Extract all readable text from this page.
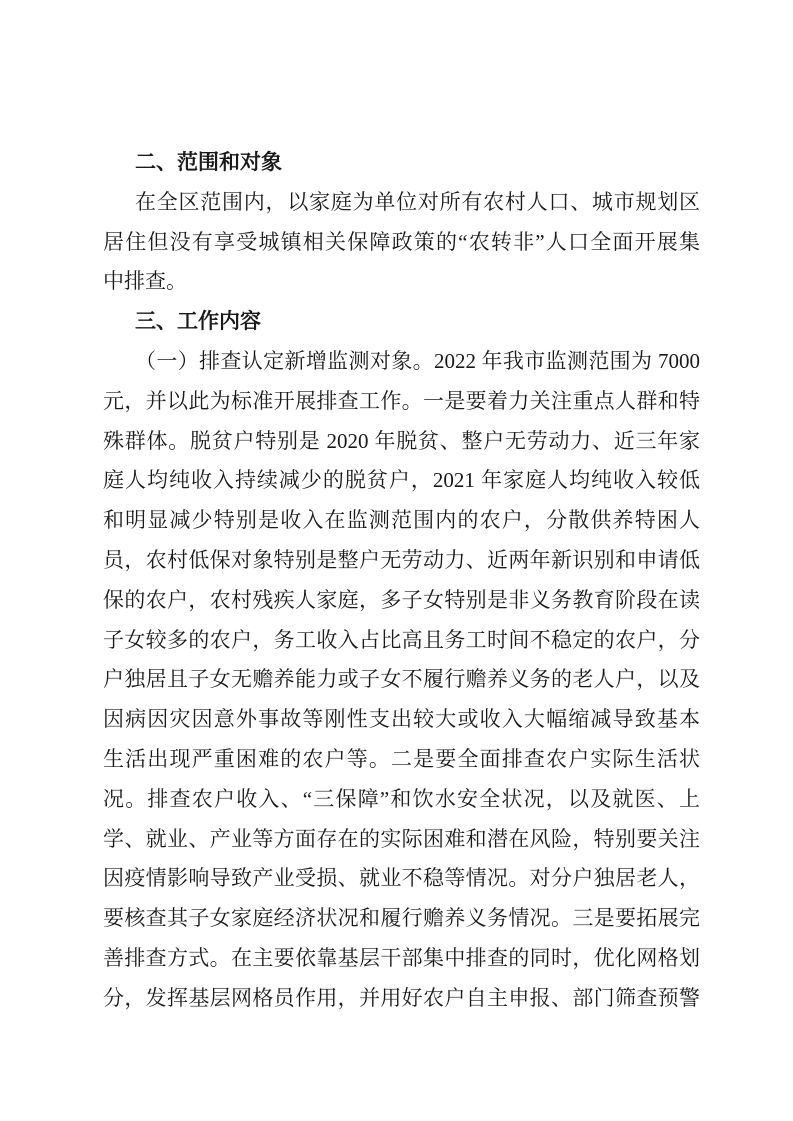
二、范围和对象
在全区范围内，以家庭为单位对所有农村人口、城市规划区
居住但没有享受城镇相关保障政策的“农转非”人口全面开展集
中排查。
三、工作内容
（一）排查认定新增监测对象。2022 年我市监测范围为 7000
元，并以此为标准开展排查工作。一是要着力关注重点人群和特
殊群体。脱贫户特别是 2020 年脱贫、整户无劳动力、近三年家
庭人均纯收入持续减少的脱贫户，2021 年家庭人均纯收入较低
和明显减少特别是收入在监测范围内的农户，分散供养特困人
员，农村低保对象特别是整户无劳动力、近两年新识别和申请低
保的农户，农村残疾人家庭，多子女特别是非义务教育阶段在读
子女较多的农户，务工收入占比高且务工时间不稳定的农户，分
户独居且子女无赡养能力或子女不履行赡养义务的老人户，以及
因病因灾因意外事故等刚性支出较大或收入大幅缩减导致基本
生活出现严重困难的农户等。二是要全面排查农户实际生活状
况。排查农户收入、“三保障”和饮水安全状况，以及就医、上
学、就业、产业等方面存在的实际困难和潜在风险，特别要关注
因疫情影响导致产业受损、就业不稳等情况。对分户独居老人，
要核查其子女家庭经济状况和履行赡养义务情况。三是要拓展完
善排查方式。在主要依靠基层干部集中排查的同时，优化网格划
分，发挥基层网格员作用，并用好农户自主申报、部门筛查预警
